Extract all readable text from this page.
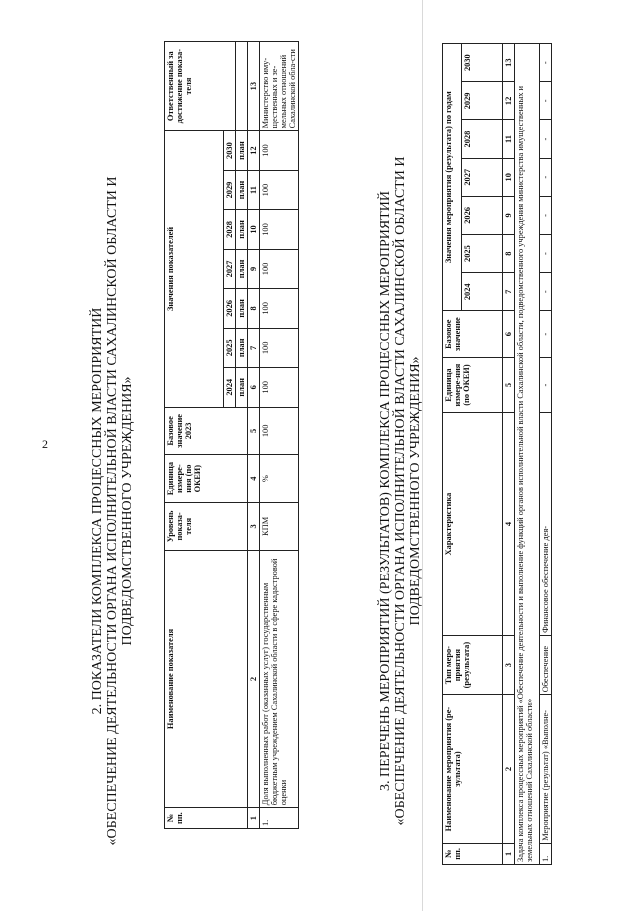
2	2. ПОКАЗАТЕЛИ КОМПЛЕКСА ПРОЦЕССНЫХ МЕРОПРИЯТИЙ «ОБЕСПЕЧЕНИЕ ДЕЯТЕЛЬНОСТИ ОРГАНА ИСПОЛНИТЕЛЬНОЙ ВЛАСТИ САХАЛИНСКОЙ ОБЛАСТИ И ПОДВЕДОМСТВЕННОГО УЧРЕЖДЕНИЯ»
№ пп.	Наименование показателя	Уровень показа-теля	Единица измере-ния (по ОКЕИ)	Базовое значение 2023	Значения показателей							Ответственный за достижение показа-теля
					2024	2025	2026	2027	2028	2029	2030	
					план	план	план	план	план	план	план	
1	2	3	4	5	6	7	8	9	10	11	12	13
1.	Доля выполненных работ (оказанных услуг) государственным бюджетным учреждением Сахалинской области в сфере кадастровой оценки	КПМ	%	100	100	100	100	100	100	100	100	Министерство иму-щественных и зе-мельных отношений Сахалинской обла-сти
3. ПЕРЕЧЕНЬ МЕРОПРИЯТИЙ (РЕЗУЛЬТАТОВ) КОМПЛЕКСА ПРОЦЕССНЫХ МЕРОПРИЯТИЙ «ОБЕСПЕЧЕНИЕ ДЕЯТЕЛЬНОСТИ ОРГАНА ИСПОЛНИТЕЛЬНОЙ ВЛАСТИ САХАЛИНСКОЙ ОБЛАСТИ И ПОДВЕДОМСТВЕННОГО УЧРЕЖДЕНИЯ»
№ пп.	Наименование мероприятия (ре-зультата)	Тип меро-приятия (результата)	Характеристика	Единица измере-ния (по ОКЕИ)	Базовое значение	Значения мероприятия (результата) по годам						
						2024	2025	2026	2027	2028	2029	2030
1	2	3	4	5	6	7	8	9	10	11	12	13
Задача комплекса процессных мероприятий «Обеспечение деятельности и выполнение функций органов исполнительной власти Сахалинской области, подведомственного учреждения министерства имущественных и земельных отношений Сахалинской области»												
1.	Мероприятие (результат) «Выполне-	Обеспечение	Финансовое обеспечение дея-	-	-	-	-	-	-	-	-	-
